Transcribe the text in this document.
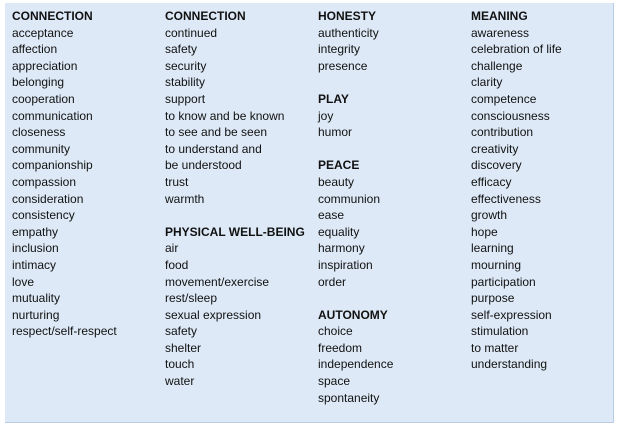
CONNECTION
acceptance
affection
appreciation
belonging
cooperation
communication
closeness
community
companionship
compassion
consideration
consistency
empathy
inclusion
intimacy
love
mutuality
nurturing
respect/self-respect
CONNECTION
continued
safety
security
stability
support
to know and be known
to see and be seen
to understand and
be understood
trust
warmth
PHYSICAL WELL-BEING
air
food
movement/exercise
rest/sleep
sexual expression
safety
shelter
touch
water
HONESTY
authenticity
integrity
presence
PLAY
joy
humor
PEACE
beauty
communion
ease
equality
harmony
inspiration
order
AUTONOMY
choice
freedom
independence
space
spontaneity
MEANING
awareness
celebration of life
challenge
clarity
competence
consciousness
contribution
creativity
discovery
efficacy
effectiveness
growth
hope
learning
mourning
participation
purpose
self-expression
stimulation
to matter
understanding
